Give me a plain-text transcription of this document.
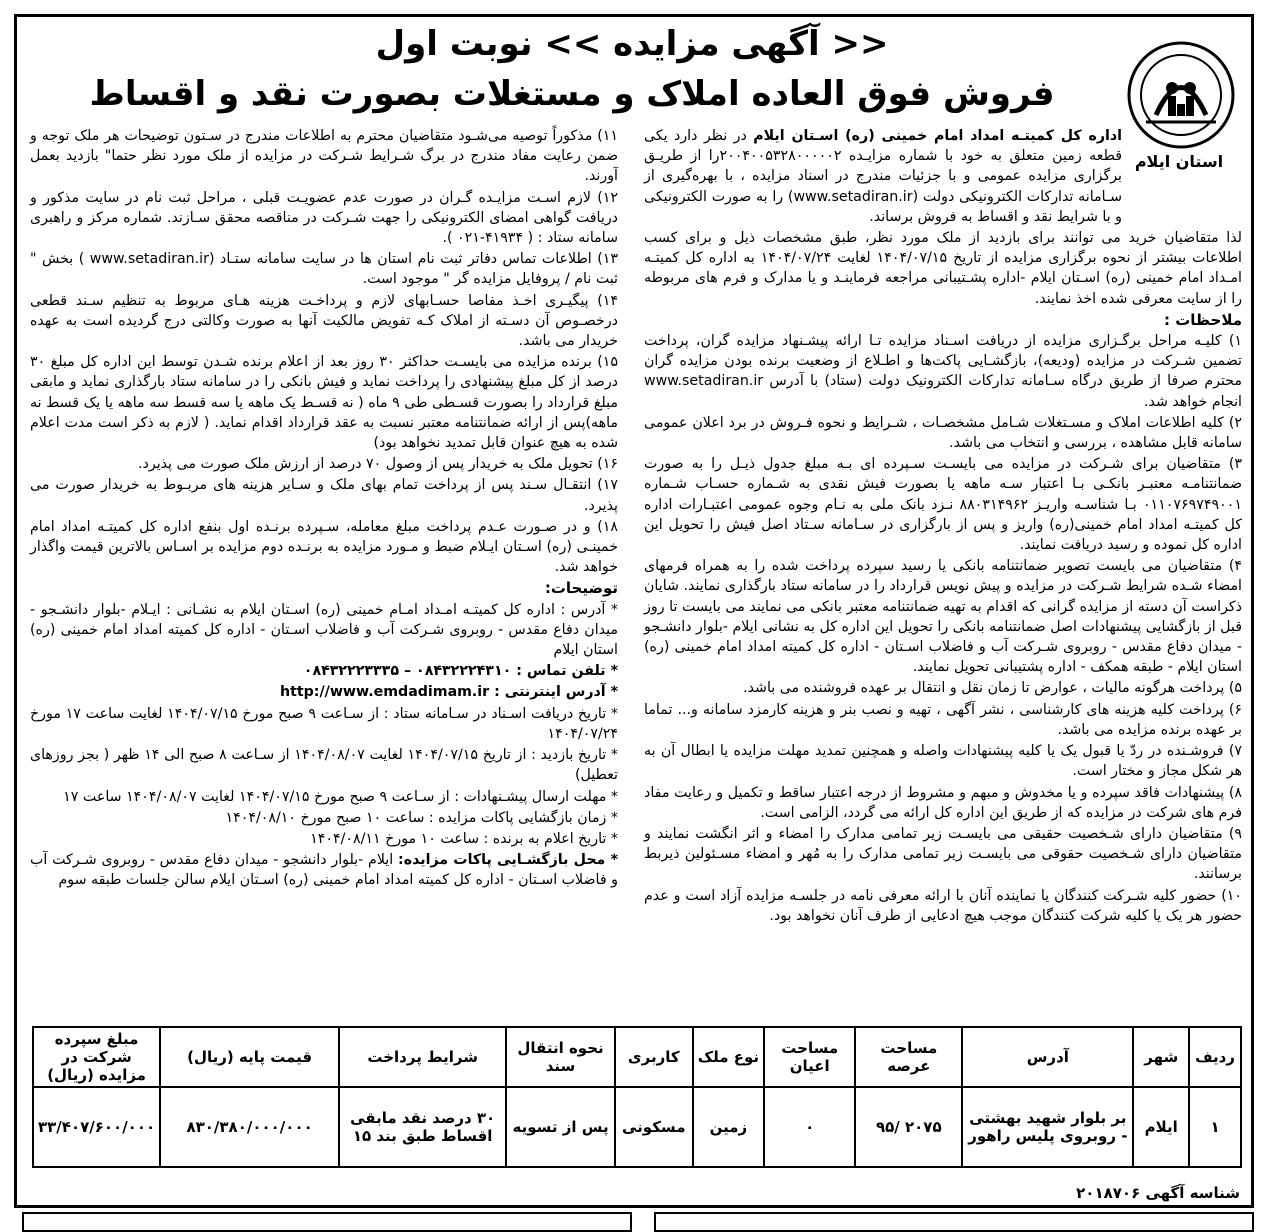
استان ایلام
<< آگهی مزایده >> نوبت اول
فروش فوق العاده املاک و مستغلات بصورت نقد و اقساط

اداره کل کمیتـه امداد امام خمینی (ره) اسـتان ایلام در نظر دارد یکی قطعه زمین متعلق به خود با شماره مزایـده ۲۰۰۴۰۰۵۳۲۸۰۰۰۰۰۲را از طریـق برگزاری مزایده عمومی و با جزئیات مندرج در اسناد مزایده ، با بهره‌گیری از سـامانه تدارکات الکترونیکی دولت (www.setadiran.ir) را به صورت الکترونیکی و با شرایط نقد و اقساط به فروش برساند.

لذا متقاضیان خرید می توانند برای بازدید از ملک مورد نظر، طبق مشخصات ذیل و برای کسب اطلاعات بیشتر از نحوه برگزاری مزایده از تاریخ ۱۴۰۴/۰۷/۱۵ لغایت ۱۴۰۴/۰۷/۲۴ به اداره کل کمیتـه امـداد امام خمینی (ره) اسـتان ایلام -اداره پشـتیبانی مراجعه فرماینـد و یا مدارک و فرم های مربوطه را از سایت معرفی شده اخذ نمایند.

ملاحظات :

۱) کلیـه مراحل برگـزاری مزایده از دریافت اسـناد مزایده تـا ارائه پیشـنهاد مزایده گران، پرداخت تضمین شـرکت در مزایده (ودیعه)، بازگشـایی پاکت‌ها و اطـلاع از وضعیت برنده بودن مزایده گران محترم صرفا از طریق درگاه سـامانه تدارکات الکترونیک دولت (ستاد) با آدرس www.setadiran.ir انجام خواهد شد.

۲) کلیه اطلاعات املاک و مسـتغلات شـامل مشخصـات ، شـرایط و نحوه فـروش در برد اعلان عمومی سامانه قابل مشاهده ، بررسی و انتخاب می باشد.

۳) متقاضیان برای شـرکت در مزایده می بایسـت سـپرده ای بـه مبلغ جدول ذیـل را به صورت ضمانتنامـه معتبـر بانکـی بـا اعتبار سـه ماهه یا بصورت فیش نقدی به شـماره حسـاب شـماره ۰۱۱۰۷۶۹۷۴۹۰۰۱ بـا شناسـه واریـز ۸۸۰۳۱۴۹۶۲ نـزد بانک ملی به نـام وجوه عمومی اعتبـارات اداره کل کمیتـه امداد امام خمینی(ره) واریز و پس از بارگزاری در سـامانه سـتاد اصل فیش را تحویل این اداره کل نموده و رسید دریافت نمایند.

۴) متقاضیان می بایست تصویر ضمانتنامه بانکی یا رسید سپرده پرداخت شده را به همراه فرمهای امضاء شـده شرایط شـرکت در مزایده و پیش نویس قرارداد را در سامانه ستاد بارگذاری نمایند. شایان ذکراست آن دسته از مزایده گرانی که اقدام به تهیه ضمانتنامه معتبر بانکی می نمایند می بایست تا روز قبل از بازگشایی پیشنهادات اصل ضمانتنامه بانکی را تحویل این اداره کل به نشانی ایلام -بلوار دانشـجو - میدان دفاع مقدس - روبروی شـرکت آب و فاضلاب اسـتان - اداره کل کمیته امداد امام خمینی (ره) استان ایلام - طبقه همکف - اداره پشتیبانی تحویل نمایند.

۵) پرداخت هرگونه مالیات ، عوارض تا زمان نقل و انتقال بر عهده فروشنده می باشد.

۶) پرداخت کلیه هزینه های کارشناسی ، نشر آگهی ، تهیه و نصب بنر و هزینه کارمزد سامانه و... تماما بر عهده برنده مزایده می باشد.

۷) فروشـنده در ردّ یا قبول یک یا کلیه پیشنهادات واصله و همچنین تمدید مهلت مزایده یا ابطال آن به هر شکل مجاز و مختار است.

۸) پیشنهادات فاقد سپرده و یا مخدوش و مبهم و مشروط از درجه اعتبار ساقط و تکمیل و رعایت مفاد فرم های شرکت در مزایده که از طریق این اداره کل ارائه می گردد، الزامی است.

۹) متقاضیان دارای شـخصیت حقیقی می بایسـت زیر تمامی مدارک را امضاء و اثر انگشت نمایند و متقاضیان دارای شـخصیت حقوقی می بایسـت زیر تمامی مدارک را به مُهر و امضاء مسـئولین ذیربط برسانند.

۱۰) حضور کلیه شـرکت کنندگان یا نماینده آنان با ارائه معرفی نامه در جلسـه مزایده آزاد است و عدم حضور هر یک یا کلیه شرکت کنندگان موجب هیچ ادعایی از طرف آنان نخواهد بود.

۱۱) مذکوراً توصیه می‌شـود متقاضیان محترم به اطلاعات مندرج در سـتون توضیحات هر ملک توجه و ضمن رعایت مفاد مندرج در برگ شـرایط شـرکت در مزایده از ملک مورد نظر حتما" بازدید بعمل آورند.

۱۲) لازم اسـت مزایـده گـران در صورت عدم عضویـت قبلی ، مراحل ثبت نام در سایت مذکور و دریافت گواهی امضای الکترونیکی را جهت شـرکت در مناقصه محقق سـازند. شماره مرکز و راهبری سامانه ستاد : ( ۴۱۹۳۴-۰۲۱ ).

۱۳) اطلاعات تماس دفاتر ثبت نام استان ها در سایت سامانه ستـاد (www.setadiran.ir ) بخش " ثبت نام / پروفایل مزایده گر " موجود است.

۱۴) پیگیـری اخـذ مفاصا حسـابهای لازم و پرداخـت هزینه هـای مربوط به تنظیم سـند قطعی درخصـوص آن دسـته از املاک کـه تفویض مالکیت آنها به صورت وکالتی درج گردیده است به عهده خریدار می باشد.

۱۵) برنده مزایده می بایسـت حداکثر ۳۰ روز بعد از اعلام برنده شـدن توسط این اداره کل مبلغ ۳۰ درصد از کل مبلغ پیشنهادی را پرداخت نماید و فیش بانکی را در سامانه ستاد بارگذاری نماید و مابقی مبلغ قرارداد را بصورت قسـطی طی ۹ ماه ( نه قسـط یک ماهه یا سه قسط سه ماهه یا یک قسط نه ماهه)پس از ارائه ضمانتنامه معتبر نسبت به عقد قرارداد اقدام نماید. ( لازم به ذکر است مدت اعلام شده به هیچ عنوان قابل تمدید نخواهد بود)

۱۶) تحویل ملک به خریدار پس از وصول ۷۰ درصد از ارزش ملک صورت می پذیرد.

۱۷) انتقـال سـند پس از پرداخت تمام بهای ملک و سـایر هزینه های مربـوط به خریدار صورت می پذیرد.

۱۸) و در صـورت عـدم پرداخت مبلغ معامله، سـپرده برنـده اول بنفع اداره کل کمیتـه امداد امام خمینـی (ره) اسـتان ایـلام ضبط و مـورد مزایده به برنـده دوم مزایده بر اسـاس بالاترین قیمت واگذار خواهد شد.

توضیحات:

* آدرس : اداره کل کمیتـه امـداد امـام خمینی (ره) اسـتان ایلام به نشـانی : ایـلام -بلوار دانشـجو - میدان دفاع مقدس - روبروی شـرکت آب و فاضلاب اسـتان - اداره کل کمیته امداد امام خمینی (ره) استان ایلام

* تلفن تماس : ۰۸۴۳۲۲۲۴۳۱۰ – ۰۸۴۳۲۲۲۳۳۳۵

* آدرس اینترنتی : http://www.emdadimam.ir

* تاریخ دریافت اسـناد در سـامانه ستاد : از سـاعت ۹ صبح مورخ ۱۴۰۴/۰۷/۱۵ لغایت ساعت ۱۷ مورخ ۱۴۰۴/۰۷/۲۴

* تاریخ بازدید : از تاریخ ۱۴۰۴/۰۷/۱۵ لغایت ۱۴۰۴/۰۸/۰۷ از سـاعت ۸ صبح الی ۱۴ ظهر ( بجز روزهای تعطیل)

* مهلت ارسال پیشـنهادات : از سـاعت ۹ صبح مورخ ۱۴۰۴/۰۷/۱۵ لغایت ۱۴۰۴/۰۸/۰۷ ساعت ۱۷

* زمان بازگشایی پاکات مزایده : ساعت ۱۰ صبح مورخ ۱۴۰۴/۰۸/۱۰

* تاریخ اعلام به برنده : ساعت ۱۰ مورخ ۱۴۰۴/۰۸/۱۱

* محل بازگشـایی پاکات مزایده: ایلام -بلوار دانشجو - میدان دفاع مقدس - روبروی شـرکت آب و فاضلاب اسـتان - اداره کل کمیته امداد امام خمینی (ره) اسـتان ایلام سالن جلسات طبقه سوم

ردیف	شهر	آدرس	مساحت عرصه	مساحت اعیان	نوع ملک	کاربری	نحوه انتقال سند	شرایط پرداخت	قیمت پایه (ریال)	مبلغ سپرده شرکت در مزایده (ریال)
۱	ایلام	بر بلوار شهید بهشتی - روبروی پلیس راهور	۲۰۷۵ /۹۵	۰	زمین	مسکونی	پس از تسویه	۳۰ درصد نقد مابقی اقساط طبق بند ۱۵	۸۳۰/۳۸۰/۰۰۰/۰۰۰	۳۳/۴۰۷/۶۰۰/۰۰۰
شناسه آگهی ۲۰۱۸۷۰۶
